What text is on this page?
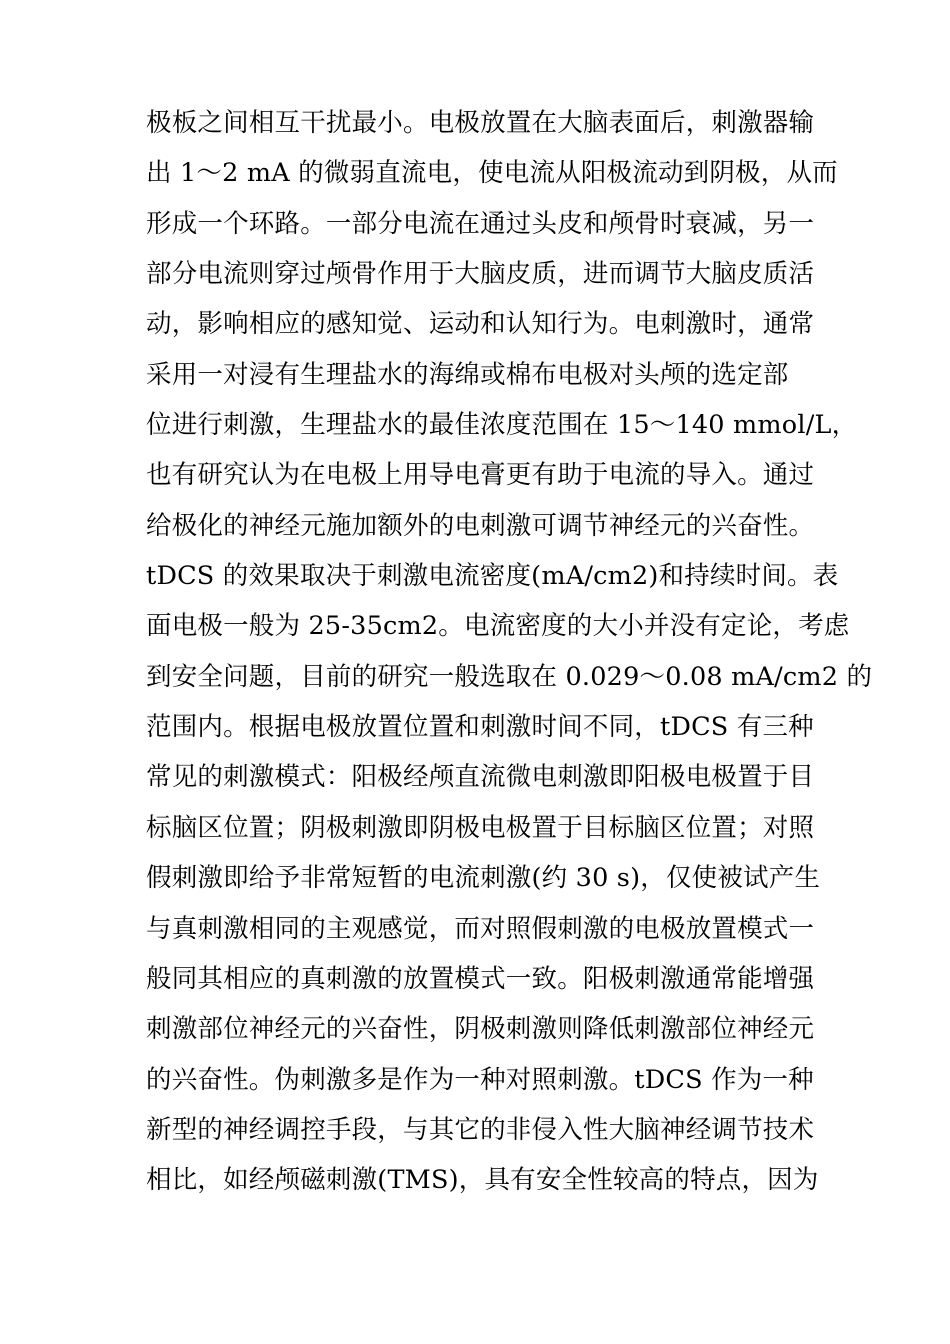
极板之间相互干扰最小。电极放置在大脑表面后，刺激器输
出 1～2 mA 的微弱直流电，使电流从阳极流动到阴极，从而
形成一个环路。一部分电流在通过头皮和颅骨时衰减，另一
部分电流则穿过颅骨作用于大脑皮质，进而调节大脑皮质活
动，影响相应的感知觉、运动和认知行为。电刺激时，通常
采用一对浸有生理盐水的海绵或棉布电极对头颅的选定部
位进行刺激，生理盐水的最佳浓度范围在 15～140 mmol/L，
也有研究认为在电极上用导电膏更有助于电流的导入。通过
给极化的神经元施加额外的电刺激可调节神经元的兴奋性。
tDCS 的效果取决于刺激电流密度(mA/cm2)和持续时间。表
面电极一般为 25-35cm2。电流密度的大小并没有定论，考虑
到安全问题，目前的研究一般选取在 0.029～0.08 mA/cm2 的
范围内。根据电极放置位置和刺激时间不同，tDCS 有三种
常见的刺激模式：阳极经颅直流微电刺激即阳极电极置于目
标脑区位置；阴极刺激即阴极电极置于目标脑区位置；对照
假刺激即给予非常短暂的电流刺激(约 30 s)，仅使被试产生
与真刺激相同的主观感觉，而对照假刺激的电极放置模式一
般同其相应的真刺激的放置模式一致。阳极刺激通常能增强
刺激部位神经元的兴奋性，阴极刺激则降低刺激部位神经元
的兴奋性。伪刺激多是作为一种对照刺激。tDCS 作为一种
新型的神经调控手段，与其它的非侵入性大脑神经调节技术
相比，如经颅磁刺激(TMS)，具有安全性较高的特点，因为
